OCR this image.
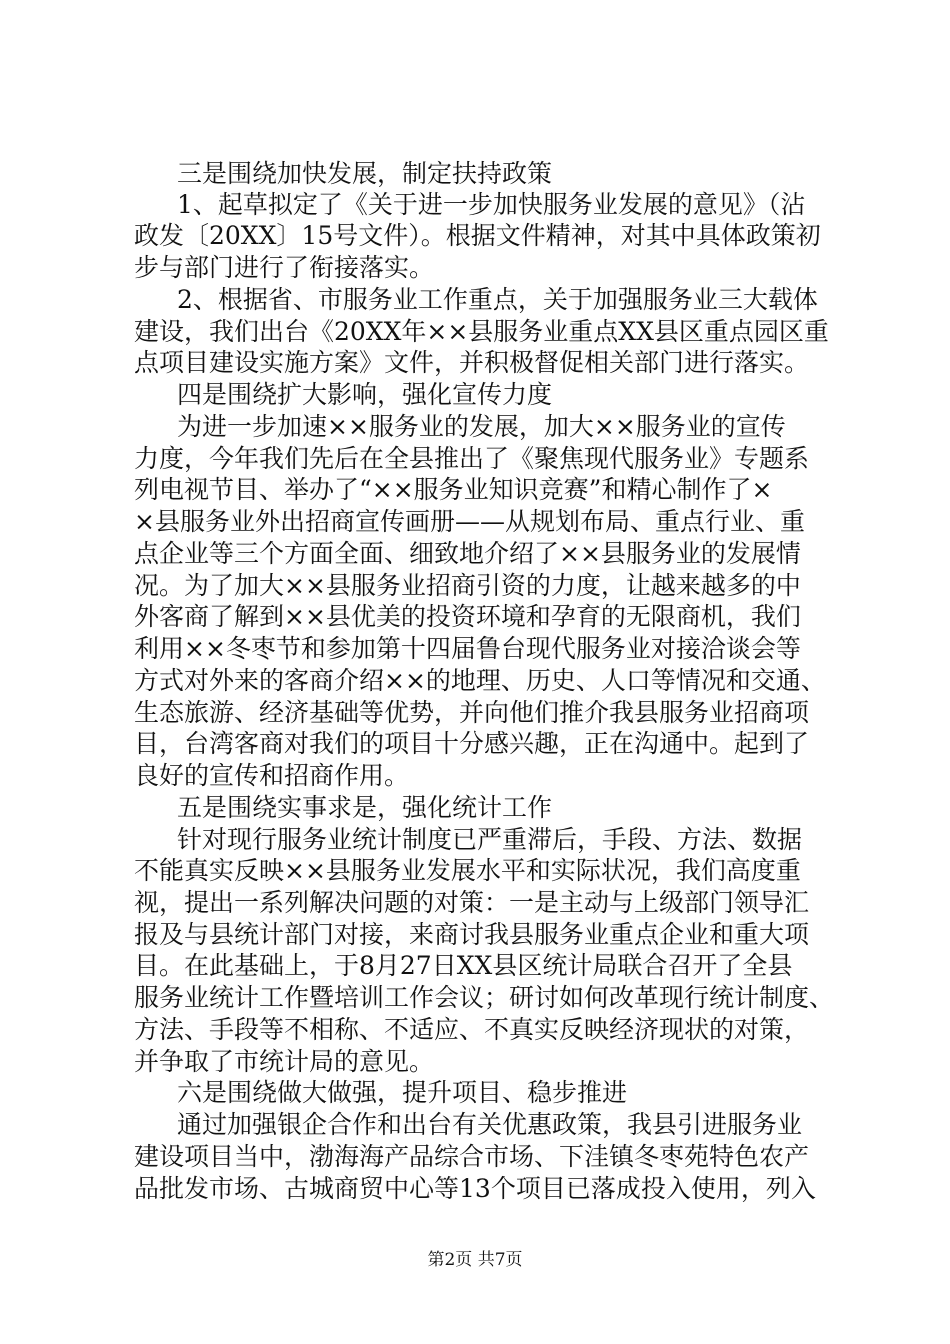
三是围绕加快发展，制定扶持政策
1、起草拟定了《关于进一步加快服务业发展的意见》（沾
政发〔20XX〕15号文件）。根据文件精神，对其中具体政策初
步与部门进行了衔接落实。
2、根据省、市服务业工作重点，关于加强服务业三大载体
建设，我们出台《20XX年××县服务业重点XX县区重点园区重
点项目建设实施方案》文件，并积极督促相关部门进行落实。
四是围绕扩大影响，强化宣传力度
为进一步加速××服务业的发展，加大××服务业的宣传
力度，今年我们先后在全县推出了《聚焦现代服务业》专题系
列电视节目、举办了“××服务业知识竞赛”和精心制作了×
×县服务业外出招商宣传画册——从规划布局、重点行业、重
点企业等三个方面全面、细致地介绍了××县服务业的发展情
况。为了加大××县服务业招商引资的力度，让越来越多的中
外客商了解到××县优美的投资环境和孕育的无限商机，我们
利用××冬枣节和参加第十四届鲁台现代服务业对接洽谈会等
方式对外来的客商介绍××的地理、历史、人口等情况和交通、
生态旅游、经济基础等优势，并向他们推介我县服务业招商项
目，台湾客商对我们的项目十分感兴趣，正在沟通中。起到了
良好的宣传和招商作用。
五是围绕实事求是，强化统计工作
针对现行服务业统计制度已严重滞后，手段、方法、数据
不能真实反映××县服务业发展水平和实际状况，我们高度重
视，提出一系列解决问题的对策：一是主动与上级部门领导汇
报及与县统计部门对接，来商讨我县服务业重点企业和重大项
目。在此基础上，于8月27日XX县区统计局联合召开了全县
服务业统计工作暨培训工作会议；研讨如何改革现行统计制度、
方法、手段等不相称、不适应、不真实反映经济现状的对策，
并争取了市统计局的意见。
六是围绕做大做强，提升项目、稳步推进
通过加强银企合作和出台有关优惠政策，我县引进服务业
建设项目当中，渤海海产品综合市场、下洼镇冬枣苑特色农产
品批发市场、古城商贸中心等13个项目已落成投入使用，列入
第2页 共7页
